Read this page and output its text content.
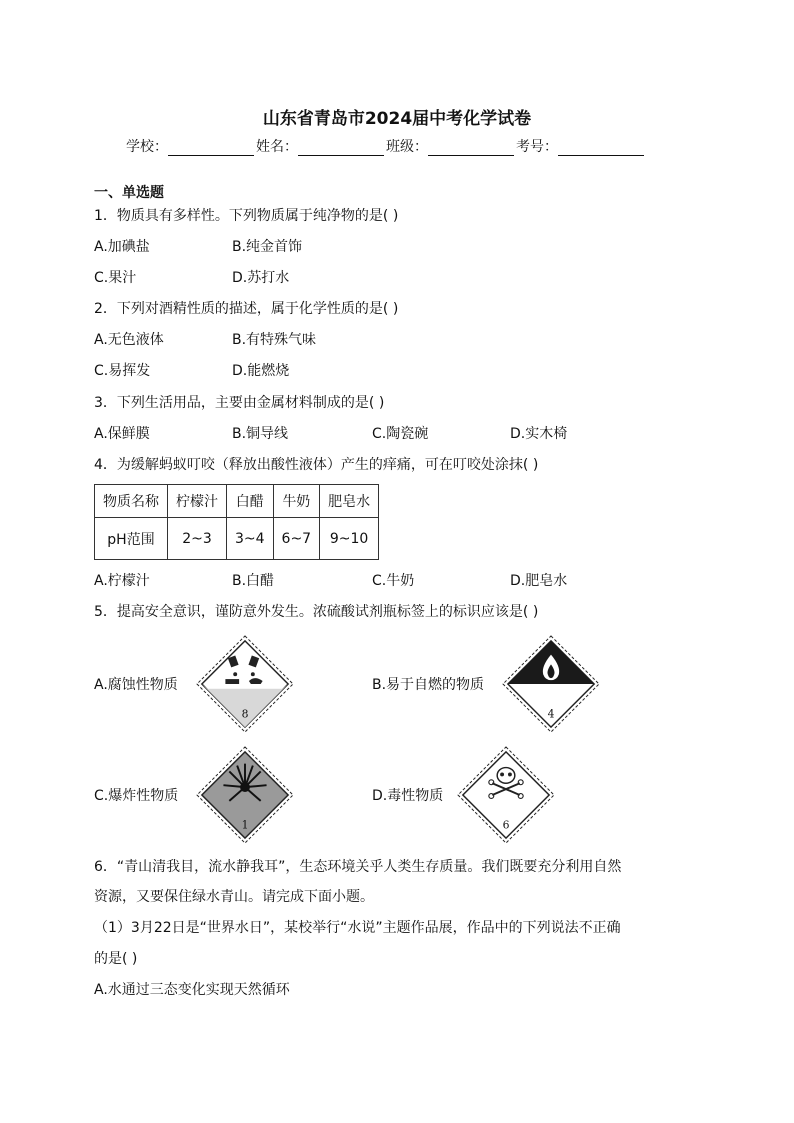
山东省青岛市2024届中考化学试卷
学校：	姓名：	班级：	考号：
一、单选题
1．物质具有多样性。下列物质属于纯净物的是( )
A.加碘盐	B.纯金首饰
C.果汁	D.苏打水
2．下列对酒精性质的描述，属于化学性质的是( )
A.无色液体	B.有特殊气味
C.易挥发	D.能燃烧
3．下列生活用品，主要由金属材料制成的是( )
A.保鲜膜	B.铜导线	C.陶瓷碗	D.实木椅
4．为缓解蚂蚁叮咬（释放出酸性液体）产生的痒痛，可在叮咬处涂抹( )
物质名称	柠檬汁	白醋	牛奶	肥皂水
pH范围	2~3	3~4	6~7	9~10
A.柠檬汁	B.白醋	C.牛奶	D.肥皂水
5．提高安全意识，谨防意外发生。浓硫酸试剂瓶标签上的标识应该是( )
A.腐蚀性物质
8
B.易于自燃的物质
4
C.爆炸性物质
1
D.毒性物质
6
6．“青山清我目，流水静我耳”，生态环境关乎人类生存质量。我们既要充分利用自然
资源，又要保住绿水青山。请完成下面小题。
（1）3月22日是“世界水日”，某校举行“水说”主题作品展，作品中的下列说法不正确
的是( )
A.水通过三态变化实现天然循环
